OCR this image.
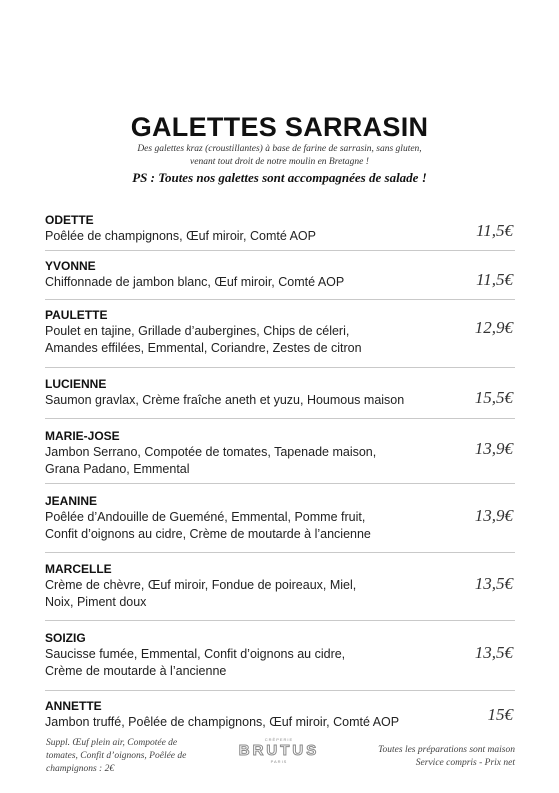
GALETTES SARRASIN
Des galettes kraz (croustillantes) à base de farine de sarrasin, sans gluten,
venant tout droit de notre moulin en Bretagne !
PS : Toutes nos galettes sont accompagnées de salade !
ODETTE
Poêlée de champignons, Œuf miroir, Comté AOP	11,5€
YVONNE
Chiffonnade de jambon blanc, Œuf miroir, Comté AOP	11,5€
PAULETTE
Poulet en tajine, Grillade d’aubergines, Chips de céleri,
Amandes effilées, Emmental, Coriandre, Zestes de citron
12,9€
LUCIENNE
Saumon gravlax, Crème fraîche aneth et yuzu, Houmous maison	15,5€
MARIE-JOSE
Jambon Serrano, Compotée de tomates, Tapenade maison,
Grana Padano, Emmental
13,9€
JEANINE
Poêlée d’Andouille de Gueméné, Emmental, Pomme fruit,
Confit d’oignons au cidre, Crème de moutarde à l’ancienne
13,9€
MARCELLE
Crème de chèvre, Œuf miroir, Fondue de poireaux, Miel,
Noix, Piment doux
13,5€
SOIZIG
Saucisse fumée, Emmental, Confit d’oignons au cidre,
Crème de moutarde à l’ancienne
13,5€
ANNETTE
Jambon truffé, Poêlée de champignons, Œuf miroir, Comté AOP	15€
Suppl. Œuf plein air, Compotée de
tomates, Confit d’oignons, Poêlée de
champignons : 2€
CRÊPERIE
BRUTUS
PARIS
Toutes les préparations sont maison
Service compris - Prix net
